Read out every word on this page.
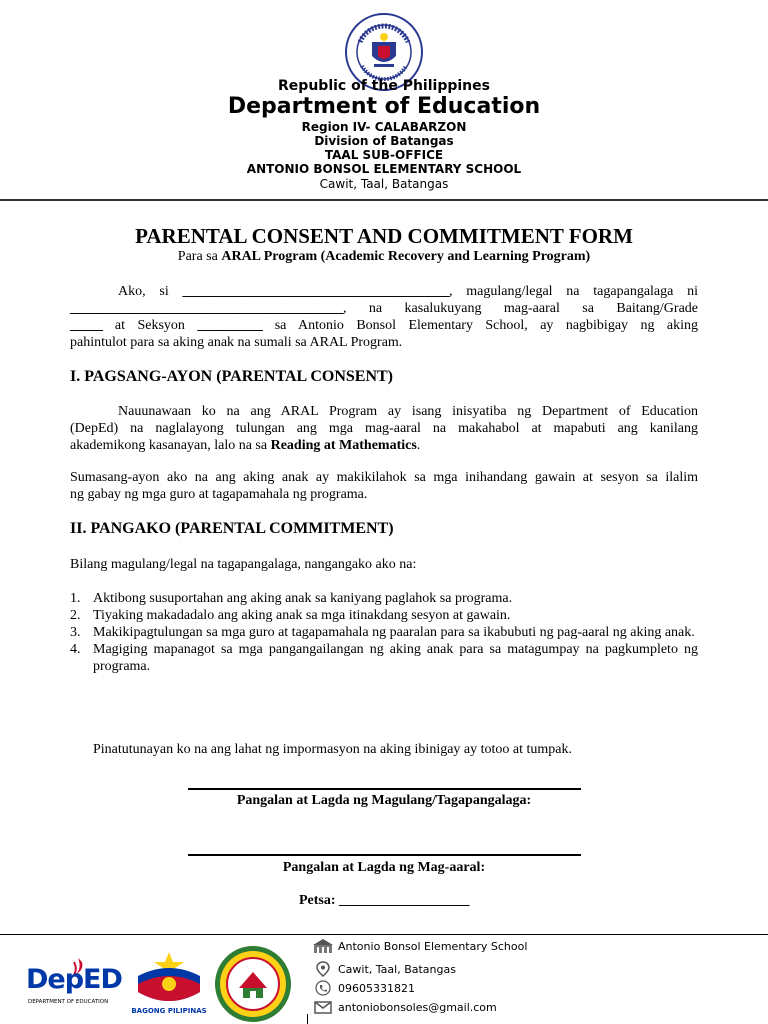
Republic of the Philippines
Department of Education
Region IV- CALABARZON
Division of Batangas
TAAL SUB-OFFICE
ANTONIO BONSOL ELEMENTARY SCHOOL
Cawit, Taal, Batangas
PARENTAL CONSENT AND COMMITMENT FORM
Para sa ARAL Program (Academic Recovery and Learning Program)
Ako, si _________________________________________, magulang/legal na tagapangalaga ni
__________________________________________, na kasalukuyang mag-aaral sa Baitang/Grade
_____ at Seksyon __________ sa Antonio Bonsol Elementary School, ay nagbibigay ng aking
pahintulot para sa aking anak na sumali sa ARAL Program.
I. PAGSANG-AYON (PARENTAL CONSENT)
Nauunawaan ko na ang ARAL Program ay isang inisyatiba ng Department of Education
(DepEd) na naglalayong tulungan ang mga mag-aaral na makahabol at mapabuti ang kanilang
akademikong kasanayan, lalo na sa Reading at Mathematics.
Sumasang-ayon ako na ang aking anak ay makikilahok sa mga inihandang gawain at sesyon sa ilalim
ng gabay ng mga guro at tagapamahala ng programa.
II. PANGAKO (PARENTAL COMMITMENT)
Bilang magulang/legal na tagapangalaga, nangangako ako na:
1. Aktibong susuportahan ang aking anak sa kaniyang paglahok sa programa.
2. Tiyaking makadadalo ang aking anak sa mga itinakdang sesyon at gawain.
3. Makikipagtulungan sa mga guro at tagapamahala ng paaralan para sa ikabubuti ng pag-aaral ng aking anak.
4. Magiging mapanagot sa mga pangangailangan ng aking anak para sa matagumpay na pagkumpleto ng programa.
Pinatutunayan ko na ang lahat ng impormasyon na aking ibinigay ay totoo at tumpak.
Pangalan at Lagda ng Magulang/Tagapangalaga:
Pangalan at Lagda ng Mag-aaral:
Petsa: ____________________
DepED
DEPARTMENT OF EDUCATION
BAGONG PILIPINAS
Antonio Bonsol Elementary School
Cawit, Taal, Batangas
09605331821
antoniobonsoles@gmail.com
